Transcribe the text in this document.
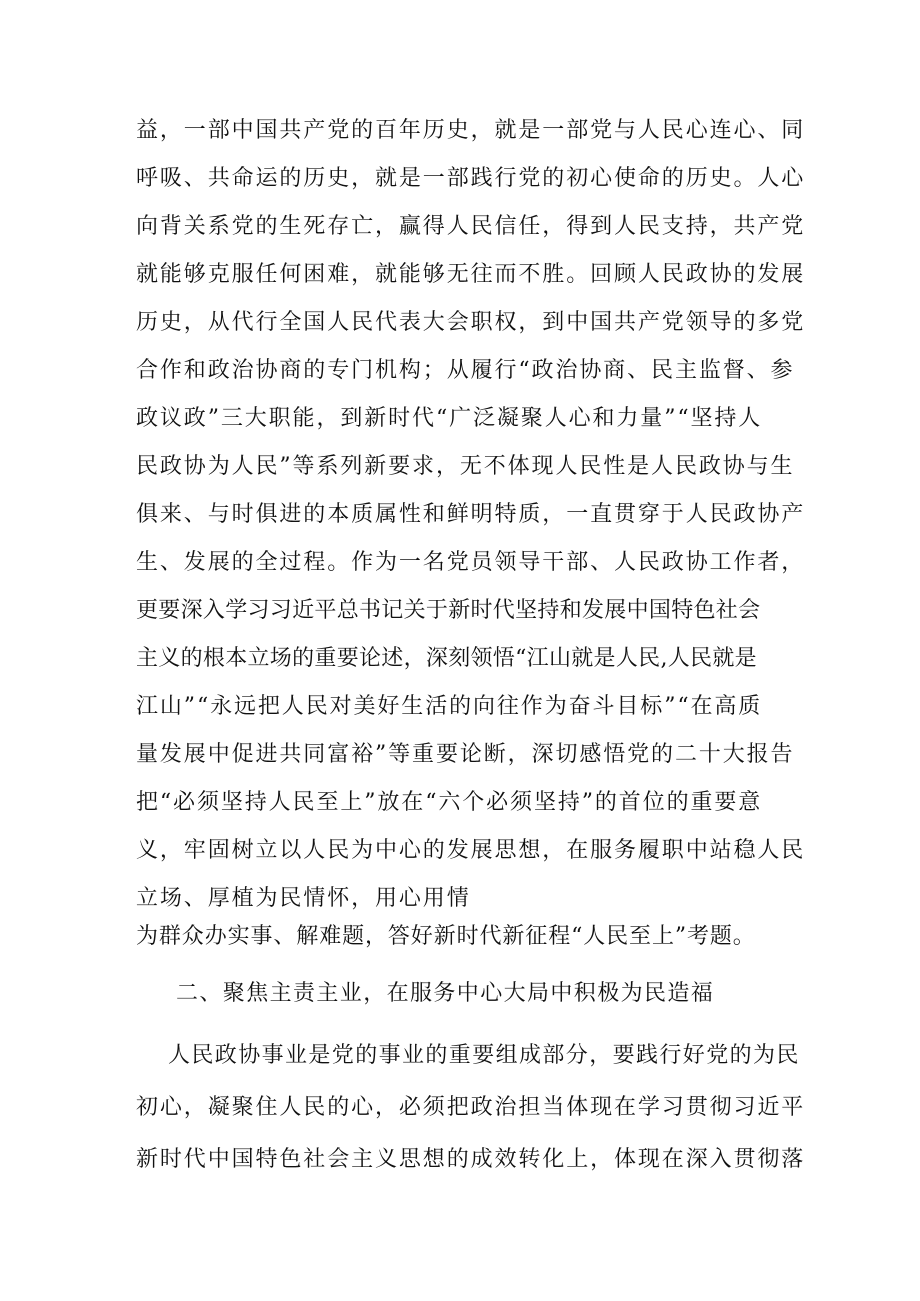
益，一部中国共产党的百年历史，就是一部党与人民心连心、同
呼吸、共命运的历史，就是一部践行党的初心使命的历史。人心
向背关系党的生死存亡，赢得人民信任，得到人民支持，共产党
就能够克服任何困难，就能够无往而不胜。回顾人民政协的发展
历史，从代行全国人民代表大会职权，到中国共产党领导的多党
合作和政治协商的专门机构；从履行“政治协商、民主监督、参
政议政”三大职能，到新时代“广泛凝聚人心和力量”“坚持人
民政协为人民”等系列新要求，无不体现人民性是人民政协与生
俱来、与时俱进的本质属性和鲜明特质，一直贯穿于人民政协产
生、发展的全过程。作为一名党员领导干部、人民政协工作者，
更要深入学习习近平总书记关于新时代坚持和发展中国特色社会
主义的根本立场的重要论述，深刻领悟“江山就是人民,人民就是
江山”“永远把人民对美好生活的向往作为奋斗目标”“在高质
量发展中促进共同富裕”等重要论断，深切感悟党的二十大报告
把“必须坚持人民至上”放在“六个必须坚持”的首位的重要意
义，牢固树立以人民为中心的发展思想，在服务履职中站稳人民
立场、厚植为民情怀，用心用情
为群众办实事、解难题，答好新时代新征程“人民至上”考题。
二、聚焦主责主业，在服务中心大局中积极为民造福
人民政协事业是党的事业的重要组成部分，要践行好党的为民
初心，凝聚住人民的心，必须把政治担当体现在学习贯彻习近平
新时代中国特色社会主义思想的成效转化上，体现在深入贯彻落
